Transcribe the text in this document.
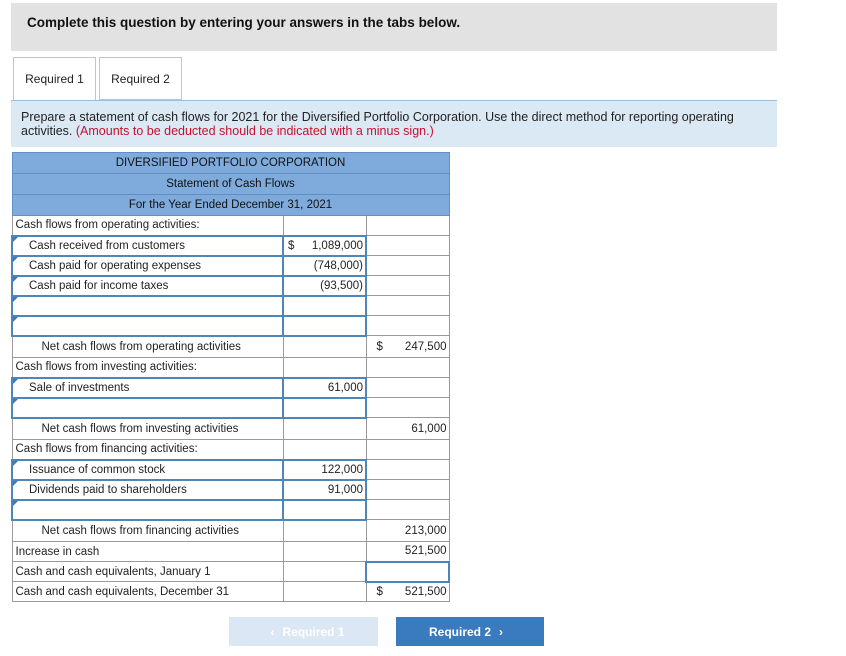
Complete this question by entering your answers in the tabs below.
Required 1	Required 2
Prepare a statement of cash flows for 2021 for the Diversified Portfolio Corporation. Use the direct method for reporting operating activities. (Amounts to be deducted should be indicated with a minus sign.)
DIVERSIFIED PORTFOLIO CORPORATION		
Statement of Cash Flows		
For the Year Ended December 31, 2021		
Cash flows from operating activities:		
Cash received from customers	$ 1,089,000	
Cash paid for operating expenses	(748,000)	
Cash paid for income taxes	(93,500)	

Net cash flows from operating activities		$ 247,500
Cash flows from investing activities:		
Sale of investments	61,000	

Net cash flows from investing activities		61,000
Cash flows from financing activities:		
Issuance of common stock	122,000	
Dividends paid to shareholders	91,000	

Net cash flows from financing activities		213,000
Increase in cash		521,500
Cash and cash equivalents, January 1		
Cash and cash equivalents, December 31		$ 521,500
‹ Required 1	Required 2 ›
